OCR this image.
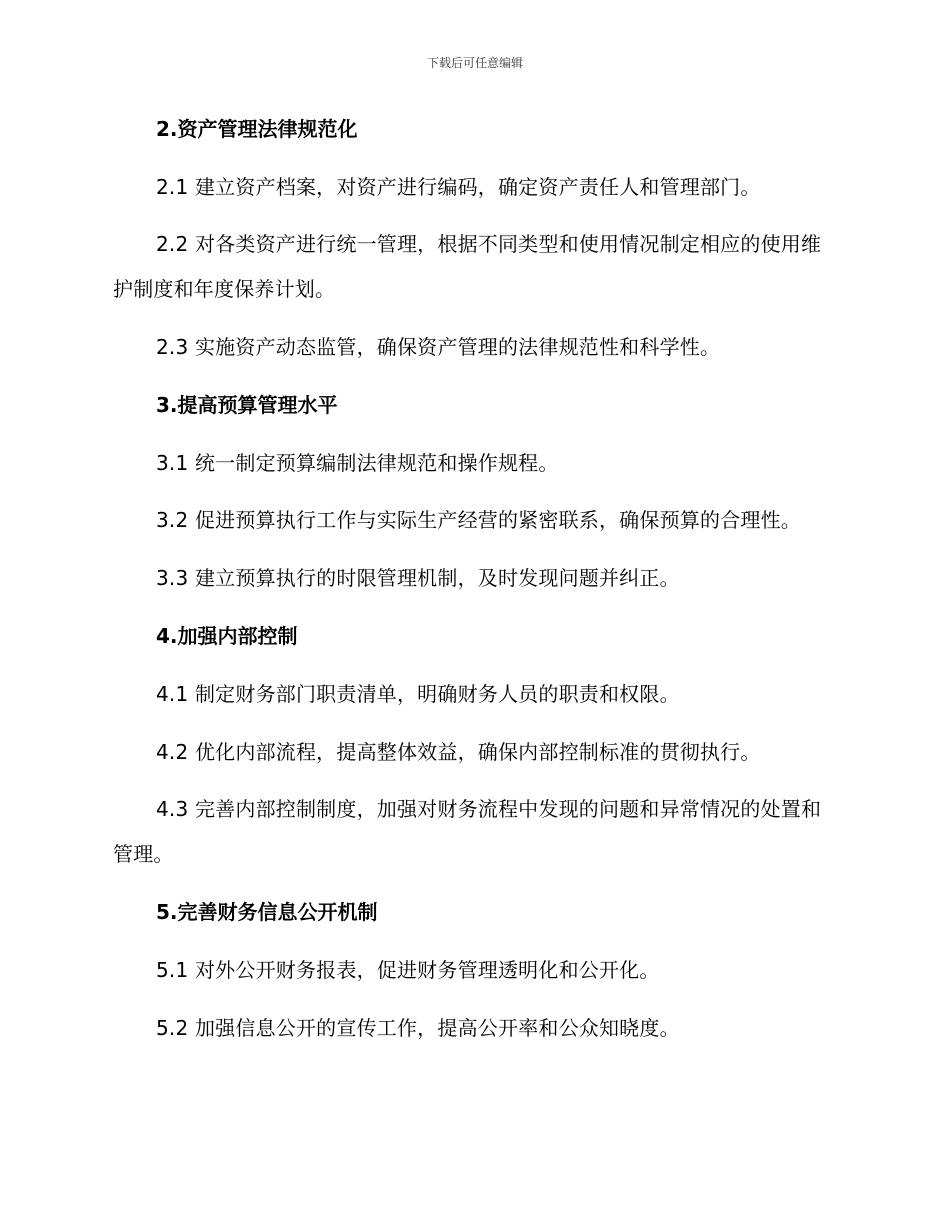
下载后可任意编辑
2.资产管理法律规范化
2.1 建立资产档案，对资产进行编码，确定资产责任人和管理部门。
2.2 对各类资产进行统一管理，根据不同类型和使用情况制定相应的使用维护制度和年度保养计划。
2.3 实施资产动态监管，确保资产管理的法律规范性和科学性。
3.提高预算管理水平
3.1 统一制定预算编制法律规范和操作规程。
3.2 促进预算执行工作与实际生产经营的紧密联系，确保预算的合理性。
3.3 建立预算执行的时限管理机制，及时发现问题并纠正。
4.加强内部控制
4.1 制定财务部门职责清单，明确财务人员的职责和权限。
4.2 优化内部流程，提高整体效益，确保内部控制标准的贯彻执行。
4.3 完善内部控制制度，加强对财务流程中发现的问题和异常情况的处置和管理。
5.完善财务信息公开机制
5.1 对外公开财务报表，促进财务管理透明化和公开化。
5.2 加强信息公开的宣传工作，提高公开率和公众知晓度。
